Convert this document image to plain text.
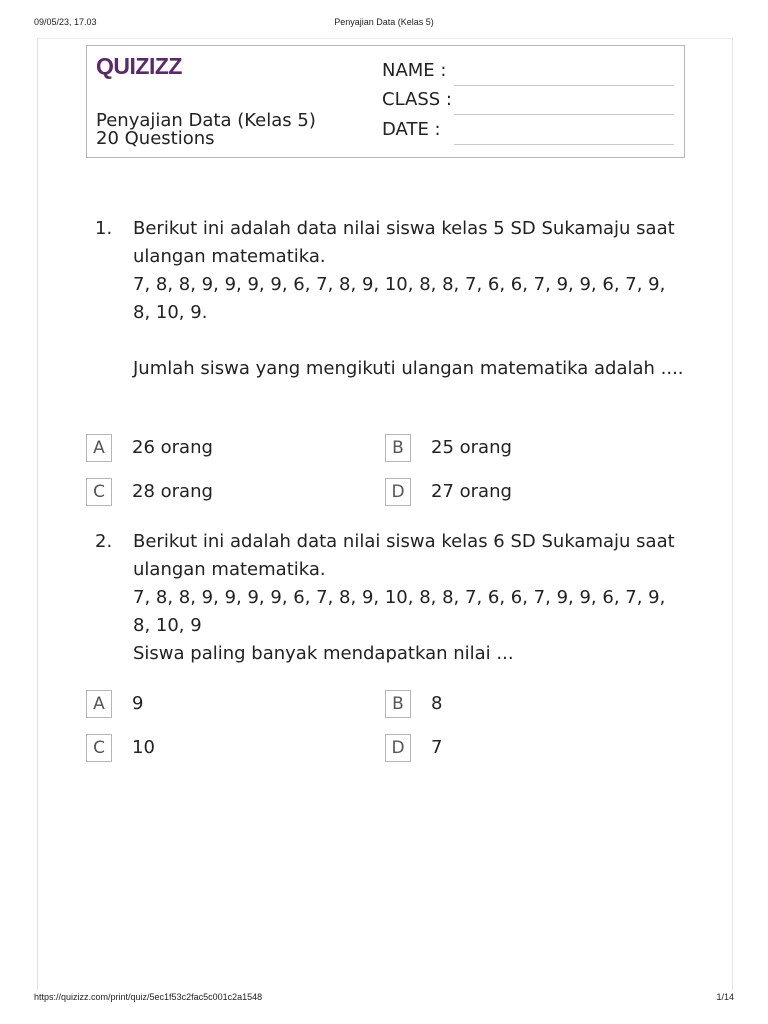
09/05/23, 17.03	Penyajian Data (Kelas 5)
QUIZIZZ
Penyajian Data (Kelas 5)
20 Questions
NAME :
CLASS :
DATE :
1. Berikut ini adalah data nilai siswa kelas 5 SD Sukamaju saat ulangan matematika.
7, 8, 8, 9, 9, 9, 9, 6, 7, 8, 9, 10, 8, 8, 7, 6, 6, 7, 9, 9, 6, 7, 9, 8, 10, 9.

Jumlah siswa yang mengikuti ulangan matematika adalah ....
A	26 orang	B	25 orang
C	28 orang	D	27 orang
2. Berikut ini adalah data nilai siswa kelas 6 SD Sukamaju saat ulangan matematika.
7, 8, 8, 9, 9, 9, 9, 6, 7, 8, 9, 10, 8, 8, 7, 6, 6, 7, 9, 9, 6, 7, 9, 8, 10, 9
Siswa paling banyak mendapatkan nilai ...
A	9	B	8
C	10	D	7
https://quizizz.com/print/quiz/5ec1f53c2fac5c001c2a1548	1/14
